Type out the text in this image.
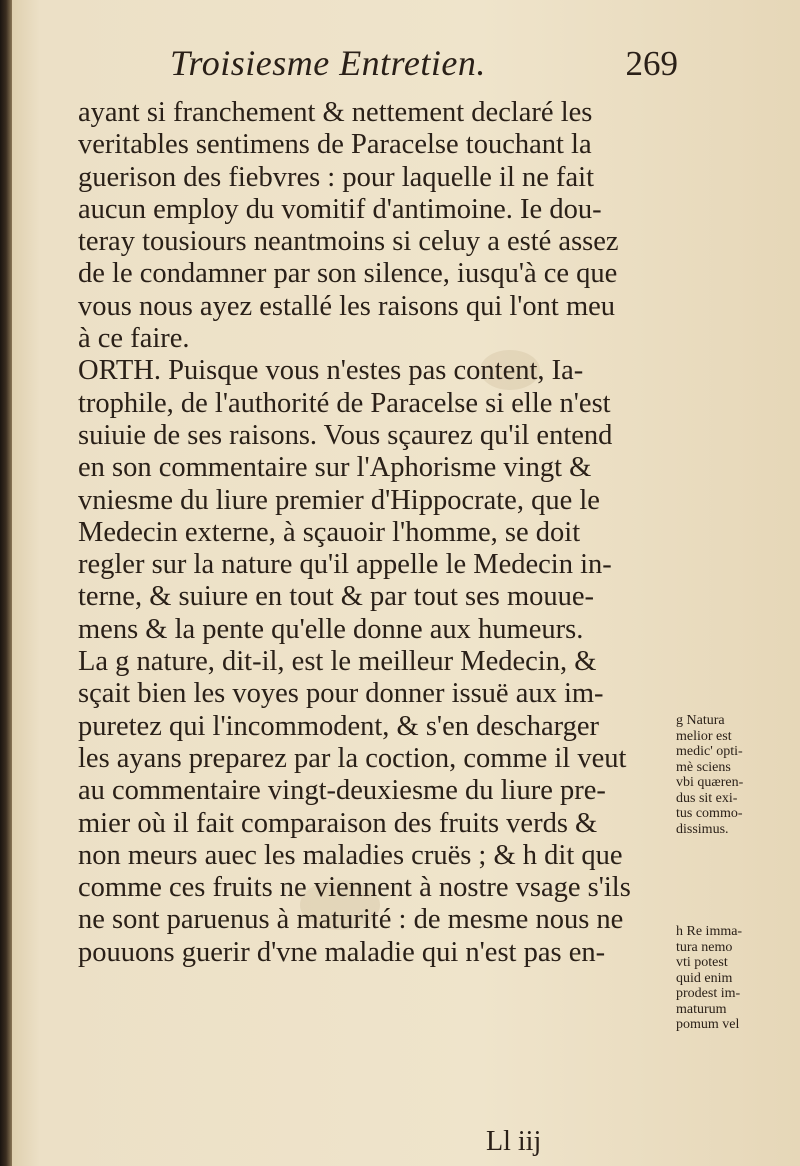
Troisiesme Entretien.	269
ayant si franchement & nettement declaré les
veritables sentimens de Paracelse touchant la
guerison des fiebvres : pour laquelle il ne fait
aucun employ du vomitif d'antimoine. Ie dou-
teray tousiours neantmoins si celuy a esté assez
de le condamner par son silence, iusqu'à ce que
vous nous ayez estallé les raisons qui l'ont meu
à ce faire.
ORTH. Puisque vous n'estes pas content, Ia-
trophile, de l'authorité de Paracelse si elle n'est
suiuie de ses raisons. Vous sçaurez qu'il entend
en son commentaire sur l'Aphorisme vingt &
vniesme du liure premier d'Hippocrate, que le
Medecin externe, à sçauoir l'homme, se doit
regler sur la nature qu'il appelle le Medecin in-
terne, & suiure en tout & par tout ses mouue-
mens & la pente qu'elle donne aux humeurs.
La g nature, dit-il, est le meilleur Medecin, &
sçait bien les voyes pour donner issuë aux im-
puretez qui l'incommodent, & s'en descharger
les ayans preparez par la coction, comme il veut
au commentaire vingt-deuxiesme du liure pre-
mier où il fait comparaison des fruits verds &
non meurs auec les maladies cruës ; & h dit que
comme ces fruits ne viennent à nostre vsage s'ils
ne sont paruenus à maturité : de mesme nous ne
pouuons guerir d'vne maladie qui n'est pas en-
g Natura
melior est
medic' opti-
mè sciens
vbi quæren-
dus sit exi-
tus commo-
dissimus.
h Re imma-
tura nemo
vti potest
quid enim
prodest im-
maturum
pomum vel
Ll iij
